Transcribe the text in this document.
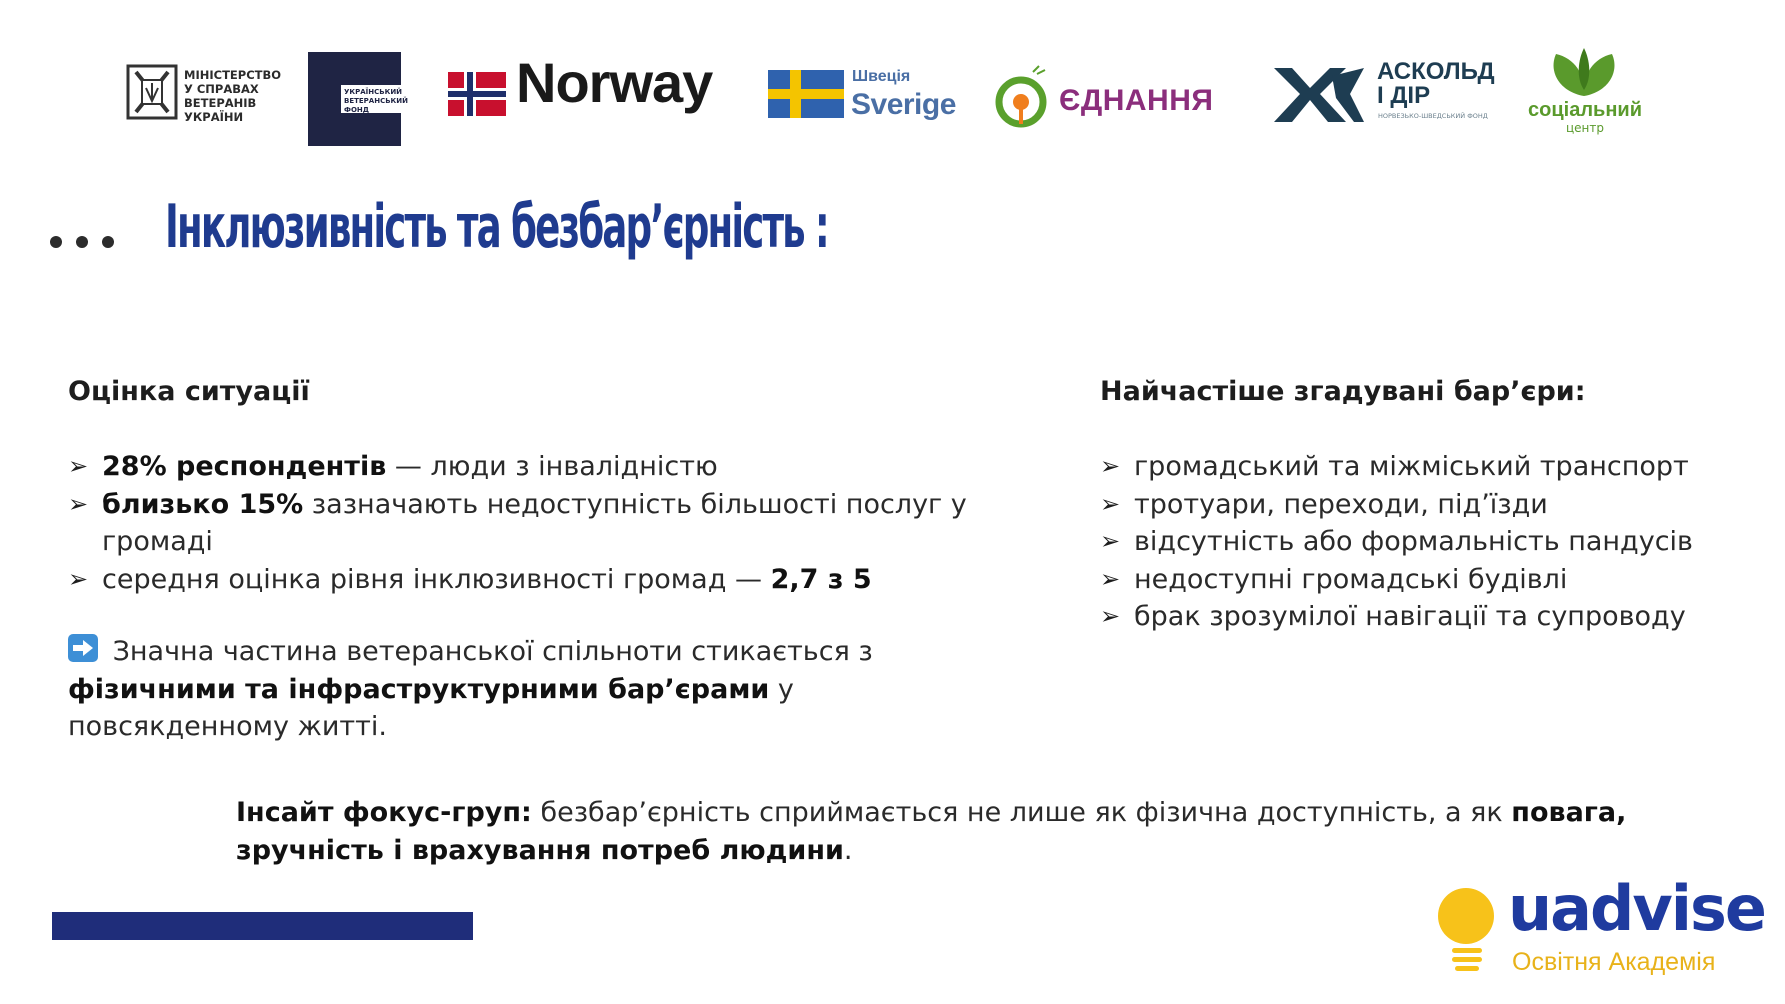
МІНІСТЕРСТВО
У СПРАВАХ
ВЕТЕРАНІВ
УКРАЇНИ
УКРАЇНСЬКИЙ ВЕТЕРАНСЬКИЙ ФОНД	Norway	Швеція
Sverige	ЄДНАННЯ
АСКОЛЬД
І ДІР
НОРВЕЗЬКО-ШВЕДСЬКИЙ ФОНД	соціальний
центр
Інклюзивність та безбар’єрність :
Оцінка ситуації
➢ 28% респондентів — люди з інвалідністю
➢ близько 15% зазначають недоступність більшості послуг у громаді
➢ середня оцінка рівня інклюзивності громад — 2,7 з 5
Значна частина ветеранської спільноти стикається з фізичними та інфраструктурними бар’єрами у повсякденному житті.
Найчастіше згадувані бар’єри:
➢ громадський та міжміський транспорт
➢ тротуари, переходи, під’їзди
➢ відсутність або формальність пандусів
➢ недоступні громадські будівлі
➢ брак зрозумілої навігації та супроводу
Інсайт фокус-груп: безбар’єрність сприймається не лише як фізична доступність, а як повага, зручність і врахування потреб людини.
uadvise
Освітня Академія
